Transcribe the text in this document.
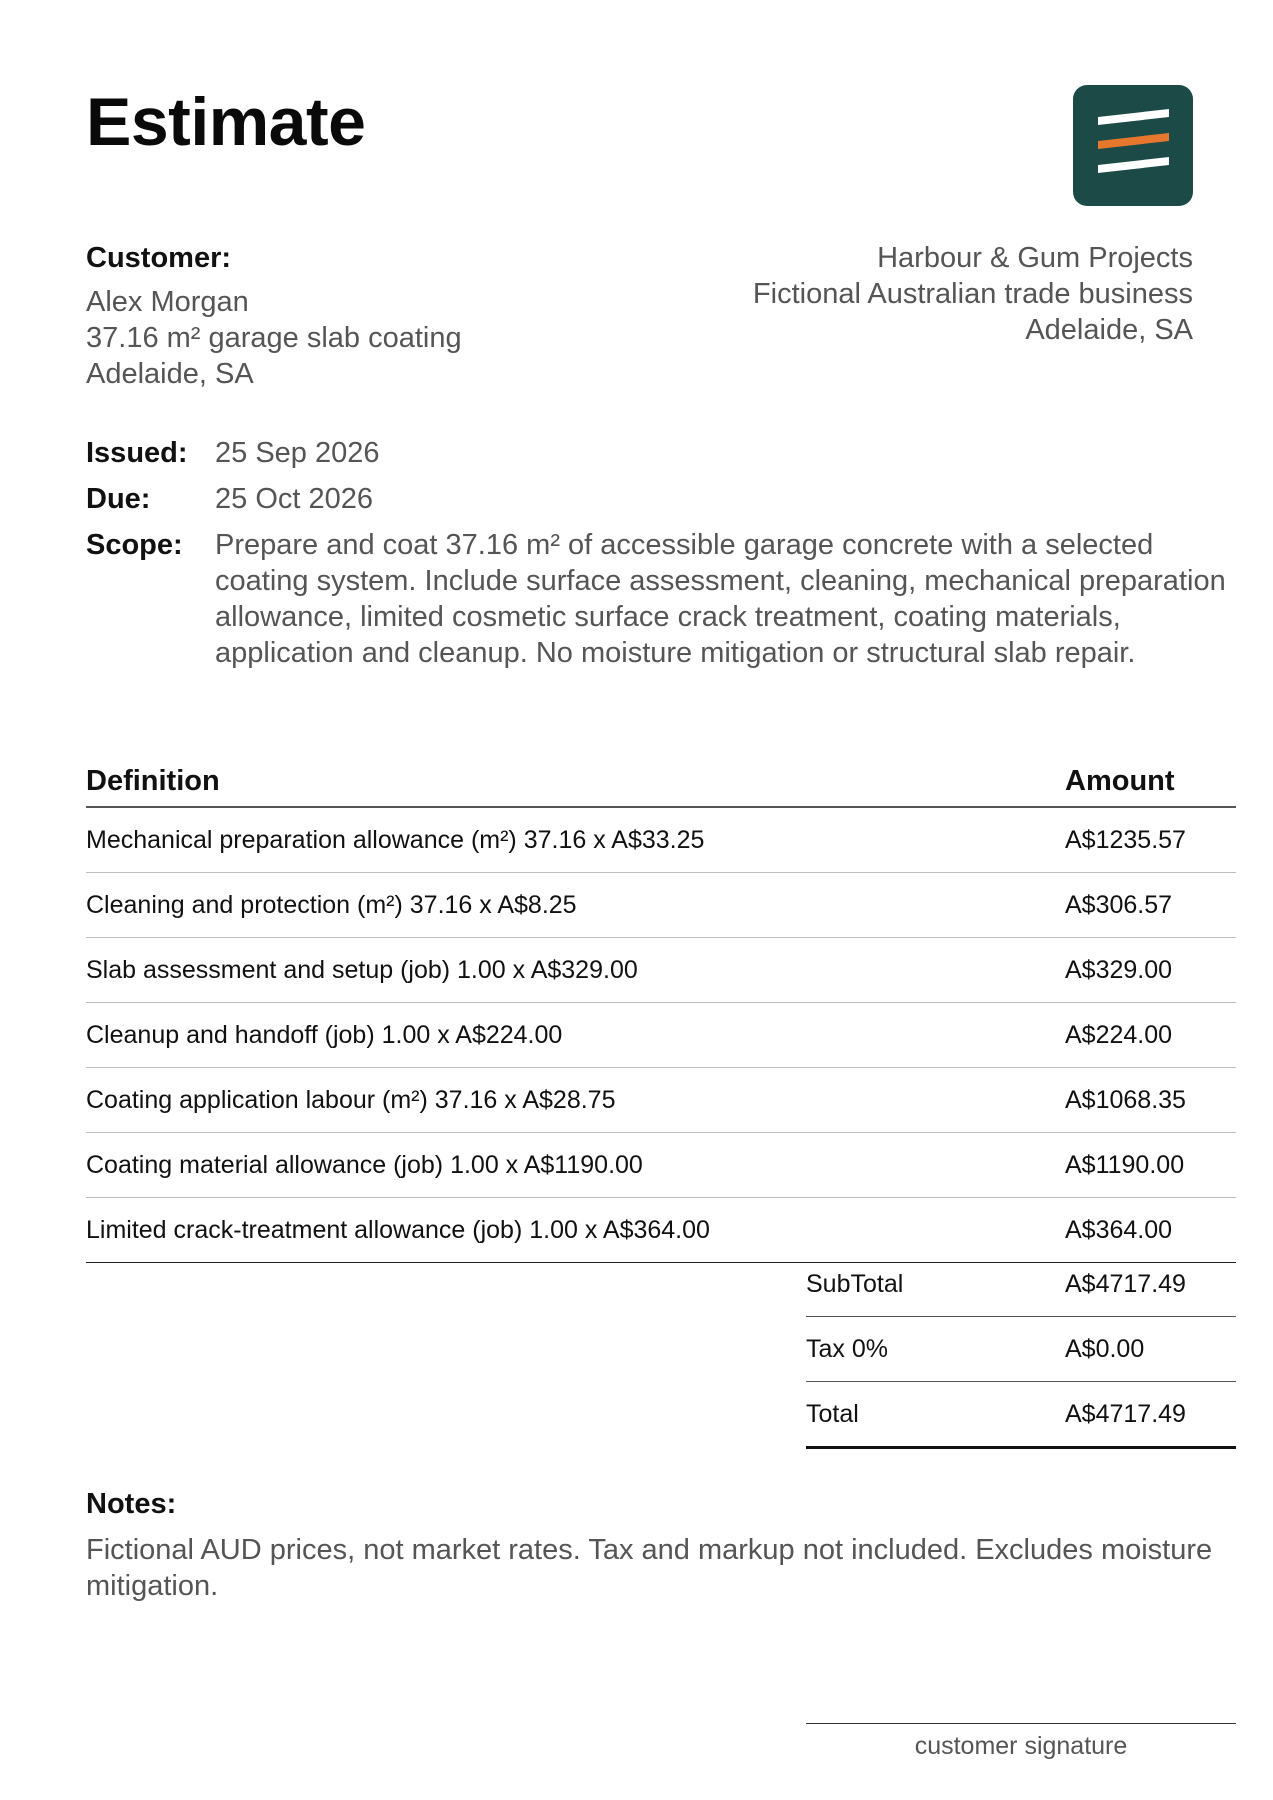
Estimate
Customer:
Alex Morgan
37.16 m² garage slab coating
Adelaide, SA
Harbour & Gum Projects
Fictional Australian trade business
Adelaide, SA
Issued: 25 Sep 2026
Due:	25 Oct 2026
Scope:	Prepare and coat 37.16 m² of accessible garage concrete with a selected coating system. Include surface assessment, cleaning, mechanical preparation allowance, limited cosmetic surface crack treatment, coating materials, application and cleanup. No moisture mitigation or structural slab repair.
Definition	Amount
Mechanical preparation allowance (m²) 37.16 x A$33.25	A$1235.57
Cleaning and protection (m²) 37.16 x A$8.25	A$306.57
Slab assessment and setup (job) 1.00 x A$329.00	A$329.00
Cleanup and handoff (job) 1.00 x A$224.00	A$224.00
Coating application labour (m²) 37.16 x A$28.75	A$1068.35
Coating material allowance (job) 1.00 x A$1190.00	A$1190.00
Limited crack-treatment allowance (job) 1.00 x A$364.00	A$364.00
SubTotal	A$4717.49
Tax 0%	A$0.00
Total	A$4717.49
Notes:
Fictional AUD prices, not market rates. Tax and markup not included. Excludes moisture mitigation.
customer signature
